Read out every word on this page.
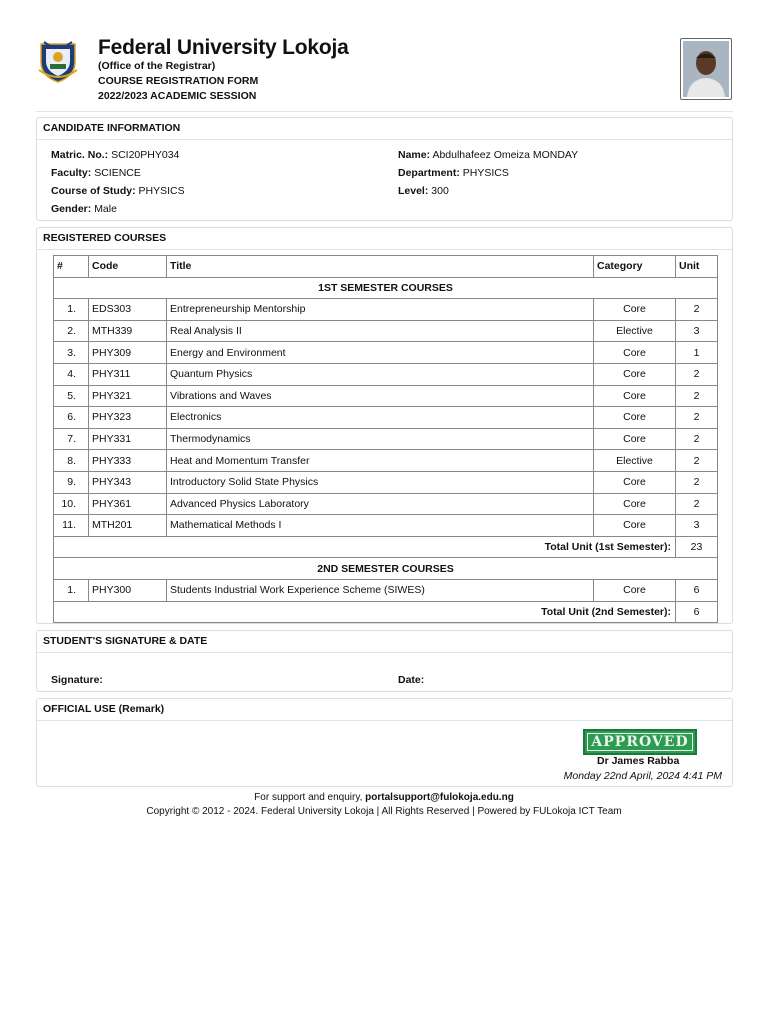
Federal University Lokoja
(Office of the Registrar)
COURSE REGISTRATION FORM
2022/2023 ACADEMIC SESSION
CANDIDATE INFORMATION
Matric. No.: SCI20PHY034
Faculty: SCIENCE
Course of Study: PHYSICS
Gender: Male
Name: Abdulhafeez Omeiza MONDAY
Department: PHYSICS
Level: 300
REGISTERED COURSES
#	Code	Title	Category	Unit
1ST SEMESTER COURSES				
1.	EDS303	Entrepreneurship Mentorship	Core	2
2.	MTH339	Real Analysis II	Elective	3
3.	PHY309	Energy and Environment	Core	1
4.	PHY311	Quantum Physics	Core	2
5.	PHY321	Vibrations and Waves	Core	2
6.	PHY323	Electronics	Core	2
7.	PHY331	Thermodynamics	Core	2
8.	PHY333	Heat and Momentum Transfer	Elective	2
9.	PHY343	Introductory Solid State Physics	Core	2
10.	PHY361	Advanced Physics Laboratory	Core	2
11.	MTH201	Mathematical Methods I	Core	3
Total Unit (1st Semester):				23
2ND SEMESTER COURSES				
1.	PHY300	Students Industrial Work Experience Scheme (SIWES)	Core	6
Total Unit (2nd Semester):				6
STUDENT'S SIGNATURE & DATE
Signature:	Date:
OFFICIAL USE (Remark)
APPROVED
Dr James Rabba
Monday 22nd April, 2024 4:41 PM
For support and enquiry, portalsupport@fulokoja.edu.ng
Copyright © 2012 - 2024. Federal University Lokoja | All Rights Reserved | Powered by FULokoja ICT Team
